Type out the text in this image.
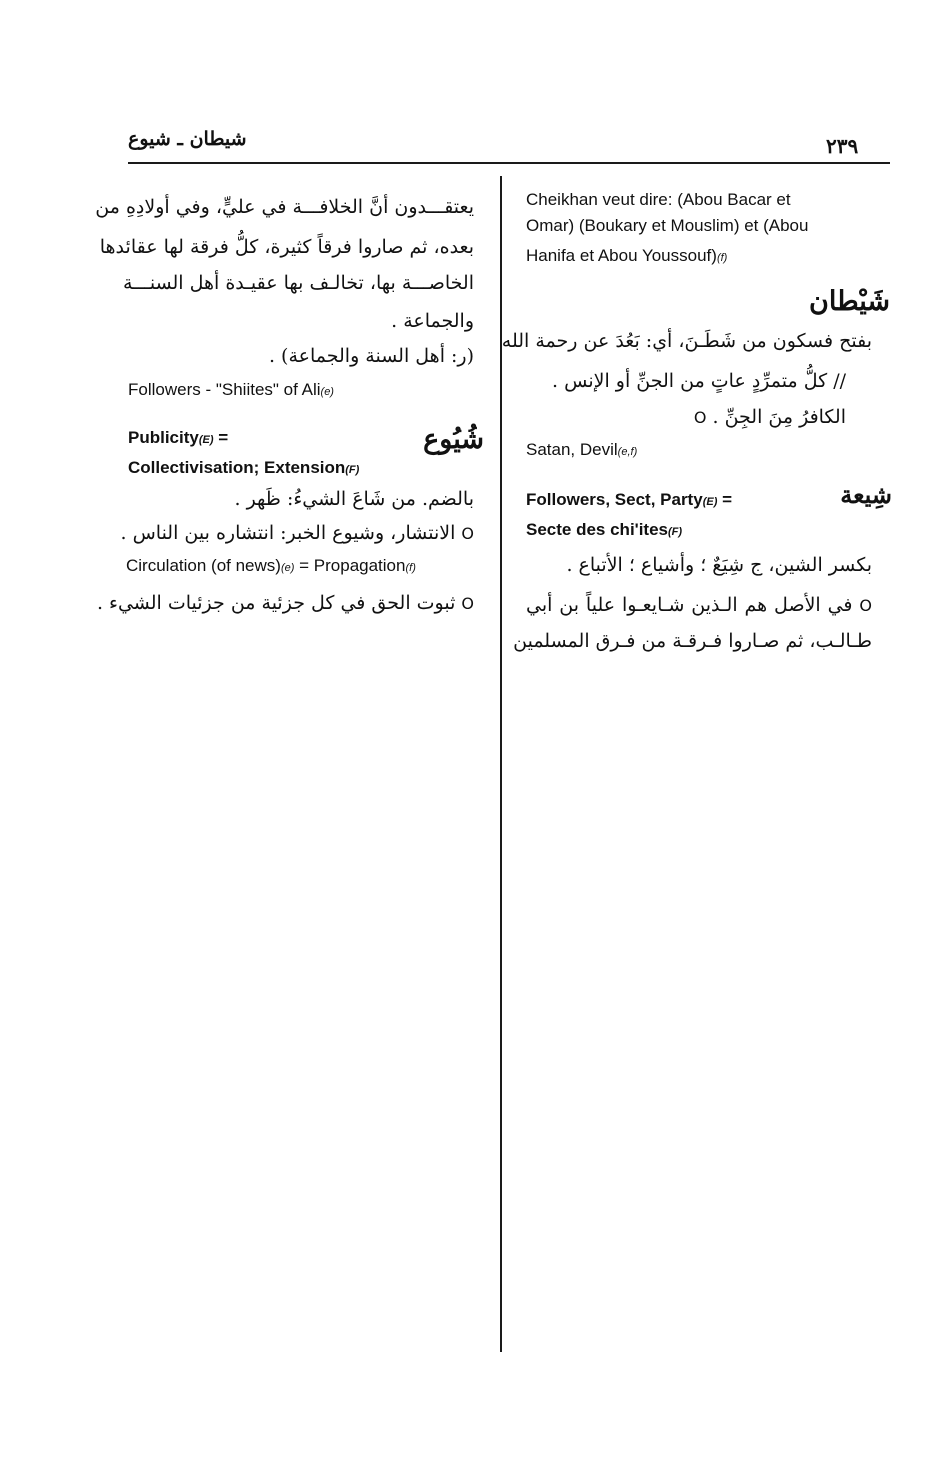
شيطان ـ شيوع	٢٣٩
Cheikhan veut dire: (Abou Bacar et
Omar) (Boukary et Mouslim) et (Abou
Hanifa et Abou Youssouf)(f)
شَيْطان
بفتح فسكون من شَطَـنَ، أي: بَعُدَ عن رحمة الله
// كلُّ متمرِّدٍ عاتٍ من الجنِّ أو الإنس .
الكافرُ مِنَ الجِنِّ . O
Satan, Devil(e,f)
شِيعة
Followers, Sect, Party(E) =
Secte des chi'ites(F)
بكسر الشين، ج شِيَعٌ ؛ وأشياع ؛ الأتباع .
O في الأصل هم الـذين شـايعـوا علياً بن أبي
طـالـب، ثم صـاروا فـرقـة من فـرق المسلمين
يعتقـــدون أنَّ الخلافـــة في عليٍّ، وفي أولادِهِ من
بعده، ثم صاروا فرقاً كثيرة، كلُّ فرقة لها عقائدها
الخاصـــة بها، تخالـف بها عقيـدة أهل السنـــة
والجماعة .
(ر: أهل السنة والجماعة) .
Followers - "Shiites" of Ali(e)
شُيُوع
Publicity(E) =
Collectivisation; Extension(F)
بالضم. من شَاعَ الشيءُ: ظَهر .
O الانتشار، وشيوع الخبر: انتشاره بين الناس .
Circulation (of news)(e) = Propagation(f)
O ثبوت الحق في كل جزئية من جزئيات الشيء .
